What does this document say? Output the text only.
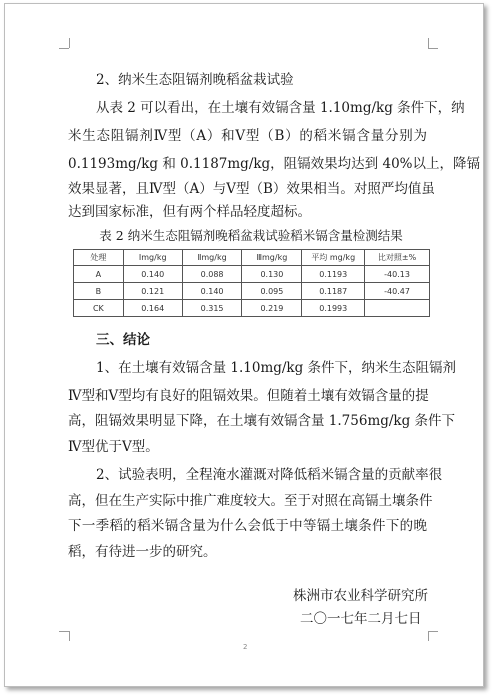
2、纳米生态阻镉剂晚稻盆栽试验
从表 2 可以看出，在土壤有效镉含量 1.10mg/kg 条件下，纳
米生态阻镉剂Ⅳ型（A）和Ⅴ型（B）的稻米镉含量分别为
0.1193mg/kg 和 0.1187mg/kg，阻镉效果均达到 40%以上，降镉
效果显著，且Ⅳ型（A）与Ⅴ型（B）效果相当。对照严均值虽
达到国家标准，但有两个样品轻度超标。
表 2 纳米生态阻镉剂晚稻盆栽试验稻米镉含量检测结果
处理	Ⅰmg/kg	Ⅱmg/kg	Ⅲmg/kg	平均 mg/kg	比对照±%
A	0.140	0.088	0.130	0.1193	-40.13
B	0.121	0.140	0.095	0.1187	-40.47
CK	0.164	0.315	0.219	0.1993	
三、结论
1、在土壤有效镉含量 1.10mg/kg 条件下，纳米生态阻镉剂
Ⅳ型和Ⅴ型均有良好的阻镉效果。但随着土壤有效镉含量的提
高，阻镉效果明显下降，在土壤有效镉含量 1.756mg/kg 条件下
Ⅳ型优于Ⅴ型。
2、试验表明，全程淹水灌溉对降低稻米镉含量的贡献率很
高，但在生产实际中推广难度较大。至于对照在高镉土壤条件
下一季稻的稻米镉含量为什么会低于中等镉土壤条件下的晚
稻，有待进一步的研究。
株洲市农业科学研究所
二〇一七年二月七日
2
